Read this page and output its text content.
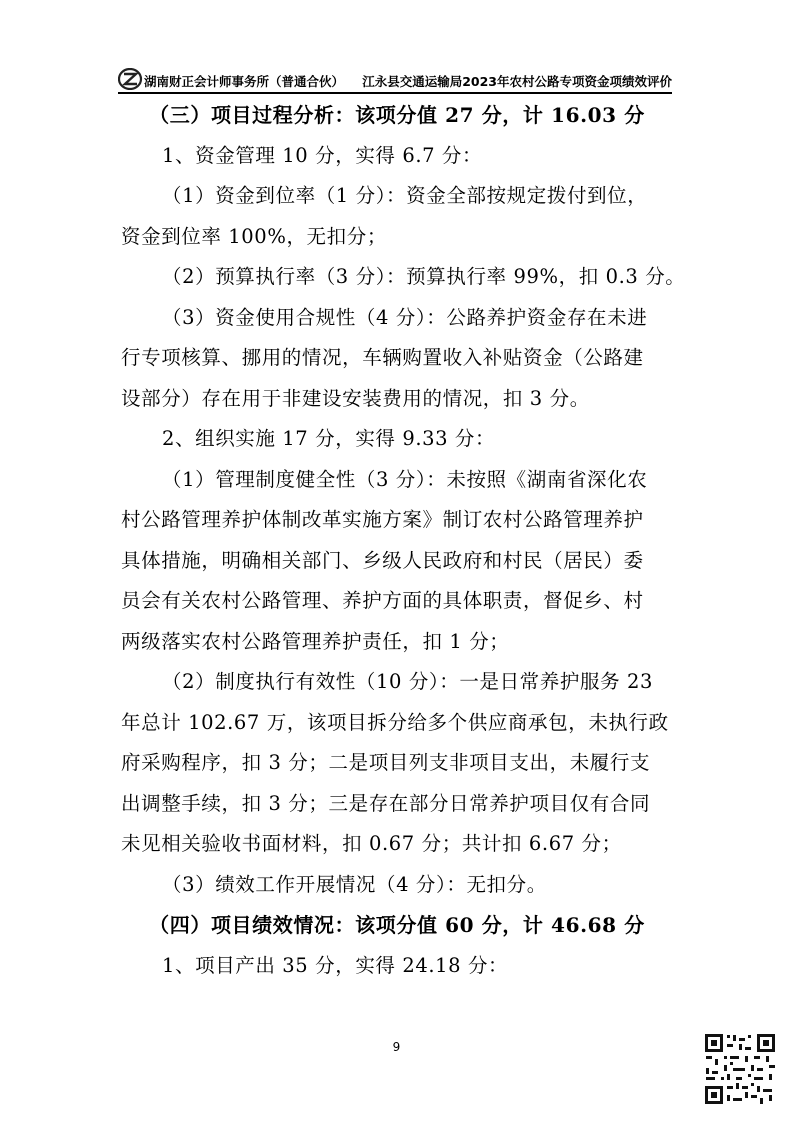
湖南财正会计师事务所（普通合伙） 江永县交通运输局2023年农村公路专项资金项绩效评价

（三）项目过程分析：该项分值 27 分，计 16.03 分

1、资金管理 10 分，实得 6.7 分：

（1）资金到位率（1 分）：资金全部按规定拨付到位，

资金到位率 100%，无扣分；

（2）预算执行率（3 分）：预算执行率 99%，扣 0.3 分。

（3）资金使用合规性（4 分）：公路养护资金存在未进

行专项核算、挪用的情况，车辆购置收入补贴资金（公路建

设部分）存在用于非建设安装费用的情况，扣 3 分。

2、组织实施 17 分，实得 9.33 分：

（1）管理制度健全性（3 分）：未按照《湖南省深化农

村公路管理养护体制改革实施方案》制订农村公路管理养护

具体措施，明确相关部门、乡级人民政府和村民（居民）委

员会有关农村公路管理、养护方面的具体职责，督促乡、村

两级落实农村公路管理养护责任，扣 1 分；

（2）制度执行有效性（10 分）：一是日常养护服务 23

年总计 102.67 万，该项目拆分给多个供应商承包，未执行政

府采购程序，扣 3 分；二是项目列支非项目支出，未履行支

出调整手续，扣 3 分；三是存在部分日常养护项目仅有合同

未见相关验收书面材料，扣 0.67 分；共计扣 6.67 分；

（3）绩效工作开展情况（4 分）：无扣分。

（四）项目绩效情况：该项分值 60 分，计 46.68 分

1、项目产出 35 分，实得 24.18 分：

9
